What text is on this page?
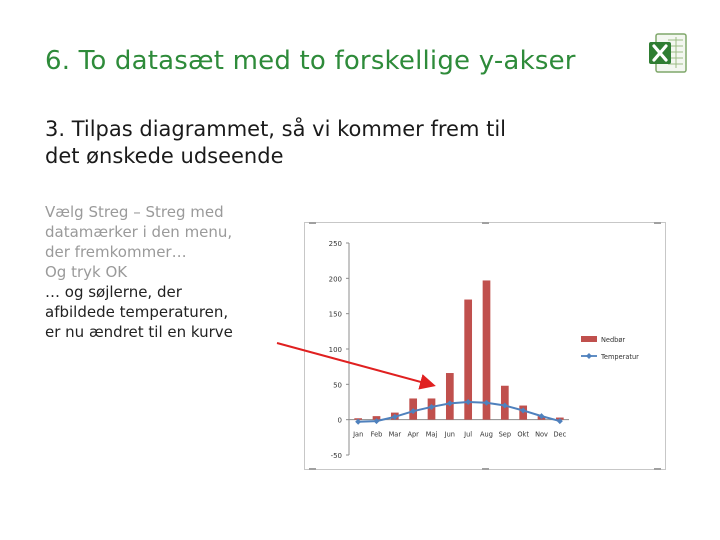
6. To datasæt med to forskellige y-akser
3. Tilpas diagrammet, så vi kommer frem til
det ønskede udseende
Vælg Streg – Streg med
datamærker i den menu,
der fremkommer…
Og tryk OK
… og søjlerne, der
afbildede temperaturen,
er nu ændret til en kurve
-50
0
50
100
150
200
250
Jan Feb Mar Apr Maj Jun Jul Aug Sep Okt Nov Dec
Nedbør
Temperatur
